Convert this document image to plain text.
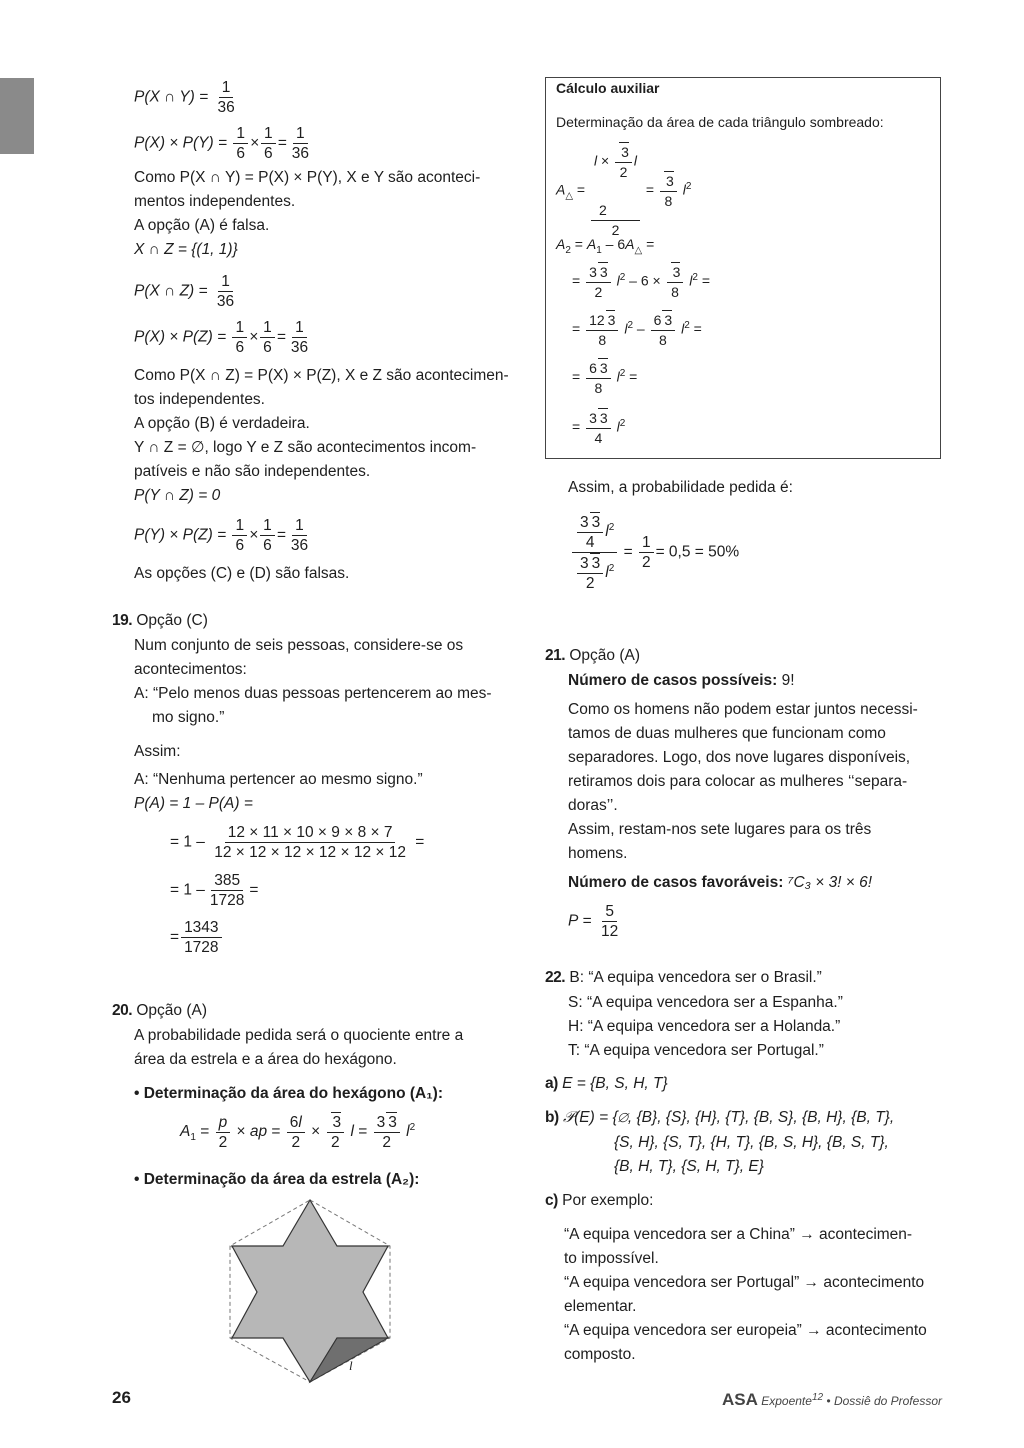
P(X ∩ $Y) = \frac{1}{36}$
$P(X) \times P(Y) = \frac{1}{6} \times \frac{1}{6} = \frac{1}{36}$
Como P(X ∩ Y) = P(X) × P(Y), X e Y são aconteci-
mentos independentes.
A opção (A) é falsa.
X ∩ Z = {(1, 1)}
P(X ∩ $Z) = \frac{1}{36}$
$P(X) \times P(Z) = \frac{1}{6} \times \frac{1}{6} = \frac{1}{36}$
Como P(X ∩ Z) = P(X) × P(Z), X e Z são acontecimen-
tos independentes.
A opção (B) é verdadeira.
Y ∩ Z = ∅, logo Y e Z são acontecimentos incom-
patíveis e não são independentes.
P(Y ∩ Z) = 0
$P(Y) \times P(Z) = \frac{1}{6} \times \frac{1}{6} = \frac{1}{36}$
As opções (C) e (D) são falsas.
19. Opção (C)
Num conjunto de seis pessoas, considere-se os
acontecimentos:
A: “Pelo menos duas pessoas pertencerem ao mes-
mo signo.”
Assim:
A: “Nenhuma pertencer ao mesmo signo.”
P(A) = 1 – P(A) =
= $1 - \frac{12 \times 11 \times 10 \times 9 \times 8 \times 7}{12 \times 12 \times 12 \times 12 \times 12 \times 12}$ =
= $1 - \frac{385}{1728}$ =
= $\frac{1343}{1728}$
20. Opção (A)
A probabilidade pedida será o quociente entre a
área da estrela e a área do hexágono.
• Determinação da área do hexágono (A₁):
$A_1 = \frac{p}{2}$ × ap = $\frac{6l}{2} \times \frac{3}{2}$ $l = \frac{3 3}{2} l^2$
• Determinação da área da estrela (A₂):
l
Cálculo auxiliar
Determinação da área de cada triângulo sombreado:
$A_\triangle$ =
$l \times \frac{3}{2}$ l

2
2
= $\frac{3}{8} l^2$
$A_2 = A_1 - 6A_\triangle$ =
= $\frac{3 3}{2} l^2 - 6 \times \frac{3}{8} l^2$ =
= $\frac{12 3}{8} l^2 - \frac{6 3}{8} l^2$ =
= $\frac{6 3}{8} l^2$ =
= $\frac{3 3}{4} l^2$
Assim, a probabilidade pedida é:
$\frac{\frac{3 3}{4} l^2}{\frac{3 3}{2} l^2} = \frac{1}{2} = 0,5 = 50\%$
21. Opção (A)
Número de casos possíveis: 9!
Como os homens não podem estar juntos necessi-
tamos de duas mulheres que funcionam como
separadores. Logo, dos nove lugares disponíveis,
retiramos dois para colocar as mulheres ‘‘separa-
doras’’.
Assim, restam-nos sete lugares para os três
homens.
Número de casos favoráveis: ⁷C₃ × 3! × 6!
$P = \frac{5}{12}$
22. B: “A equipa vencedora ser o Brasil.”
S: “A equipa vencedora ser a Espanha.”
H: “A equipa vencedora ser a Holanda.”
T: “A equipa vencedora ser Portugal.”
a) E = {B, S, H, T}
b) 𝒫(E) = {∅, {B}, {S}, {H}, {T}, {B, S}, {B, H}, {B, T},
{S, H}, {S, T}, {H, T}, {B, S, H}, {B, S, T},
{B, H, T}, {S, H, T}, E}
c) Por exemplo:
“A equipa vencedora ser a China” → acontecimen-
to impossível.
“A equipa vencedora ser Portugal” → acontecimento
elementar.
“A equipa vencedora ser europeia” → acontecimento
composto.
26	ASA Expoente$^{12}$ • Dossiê do Professor
